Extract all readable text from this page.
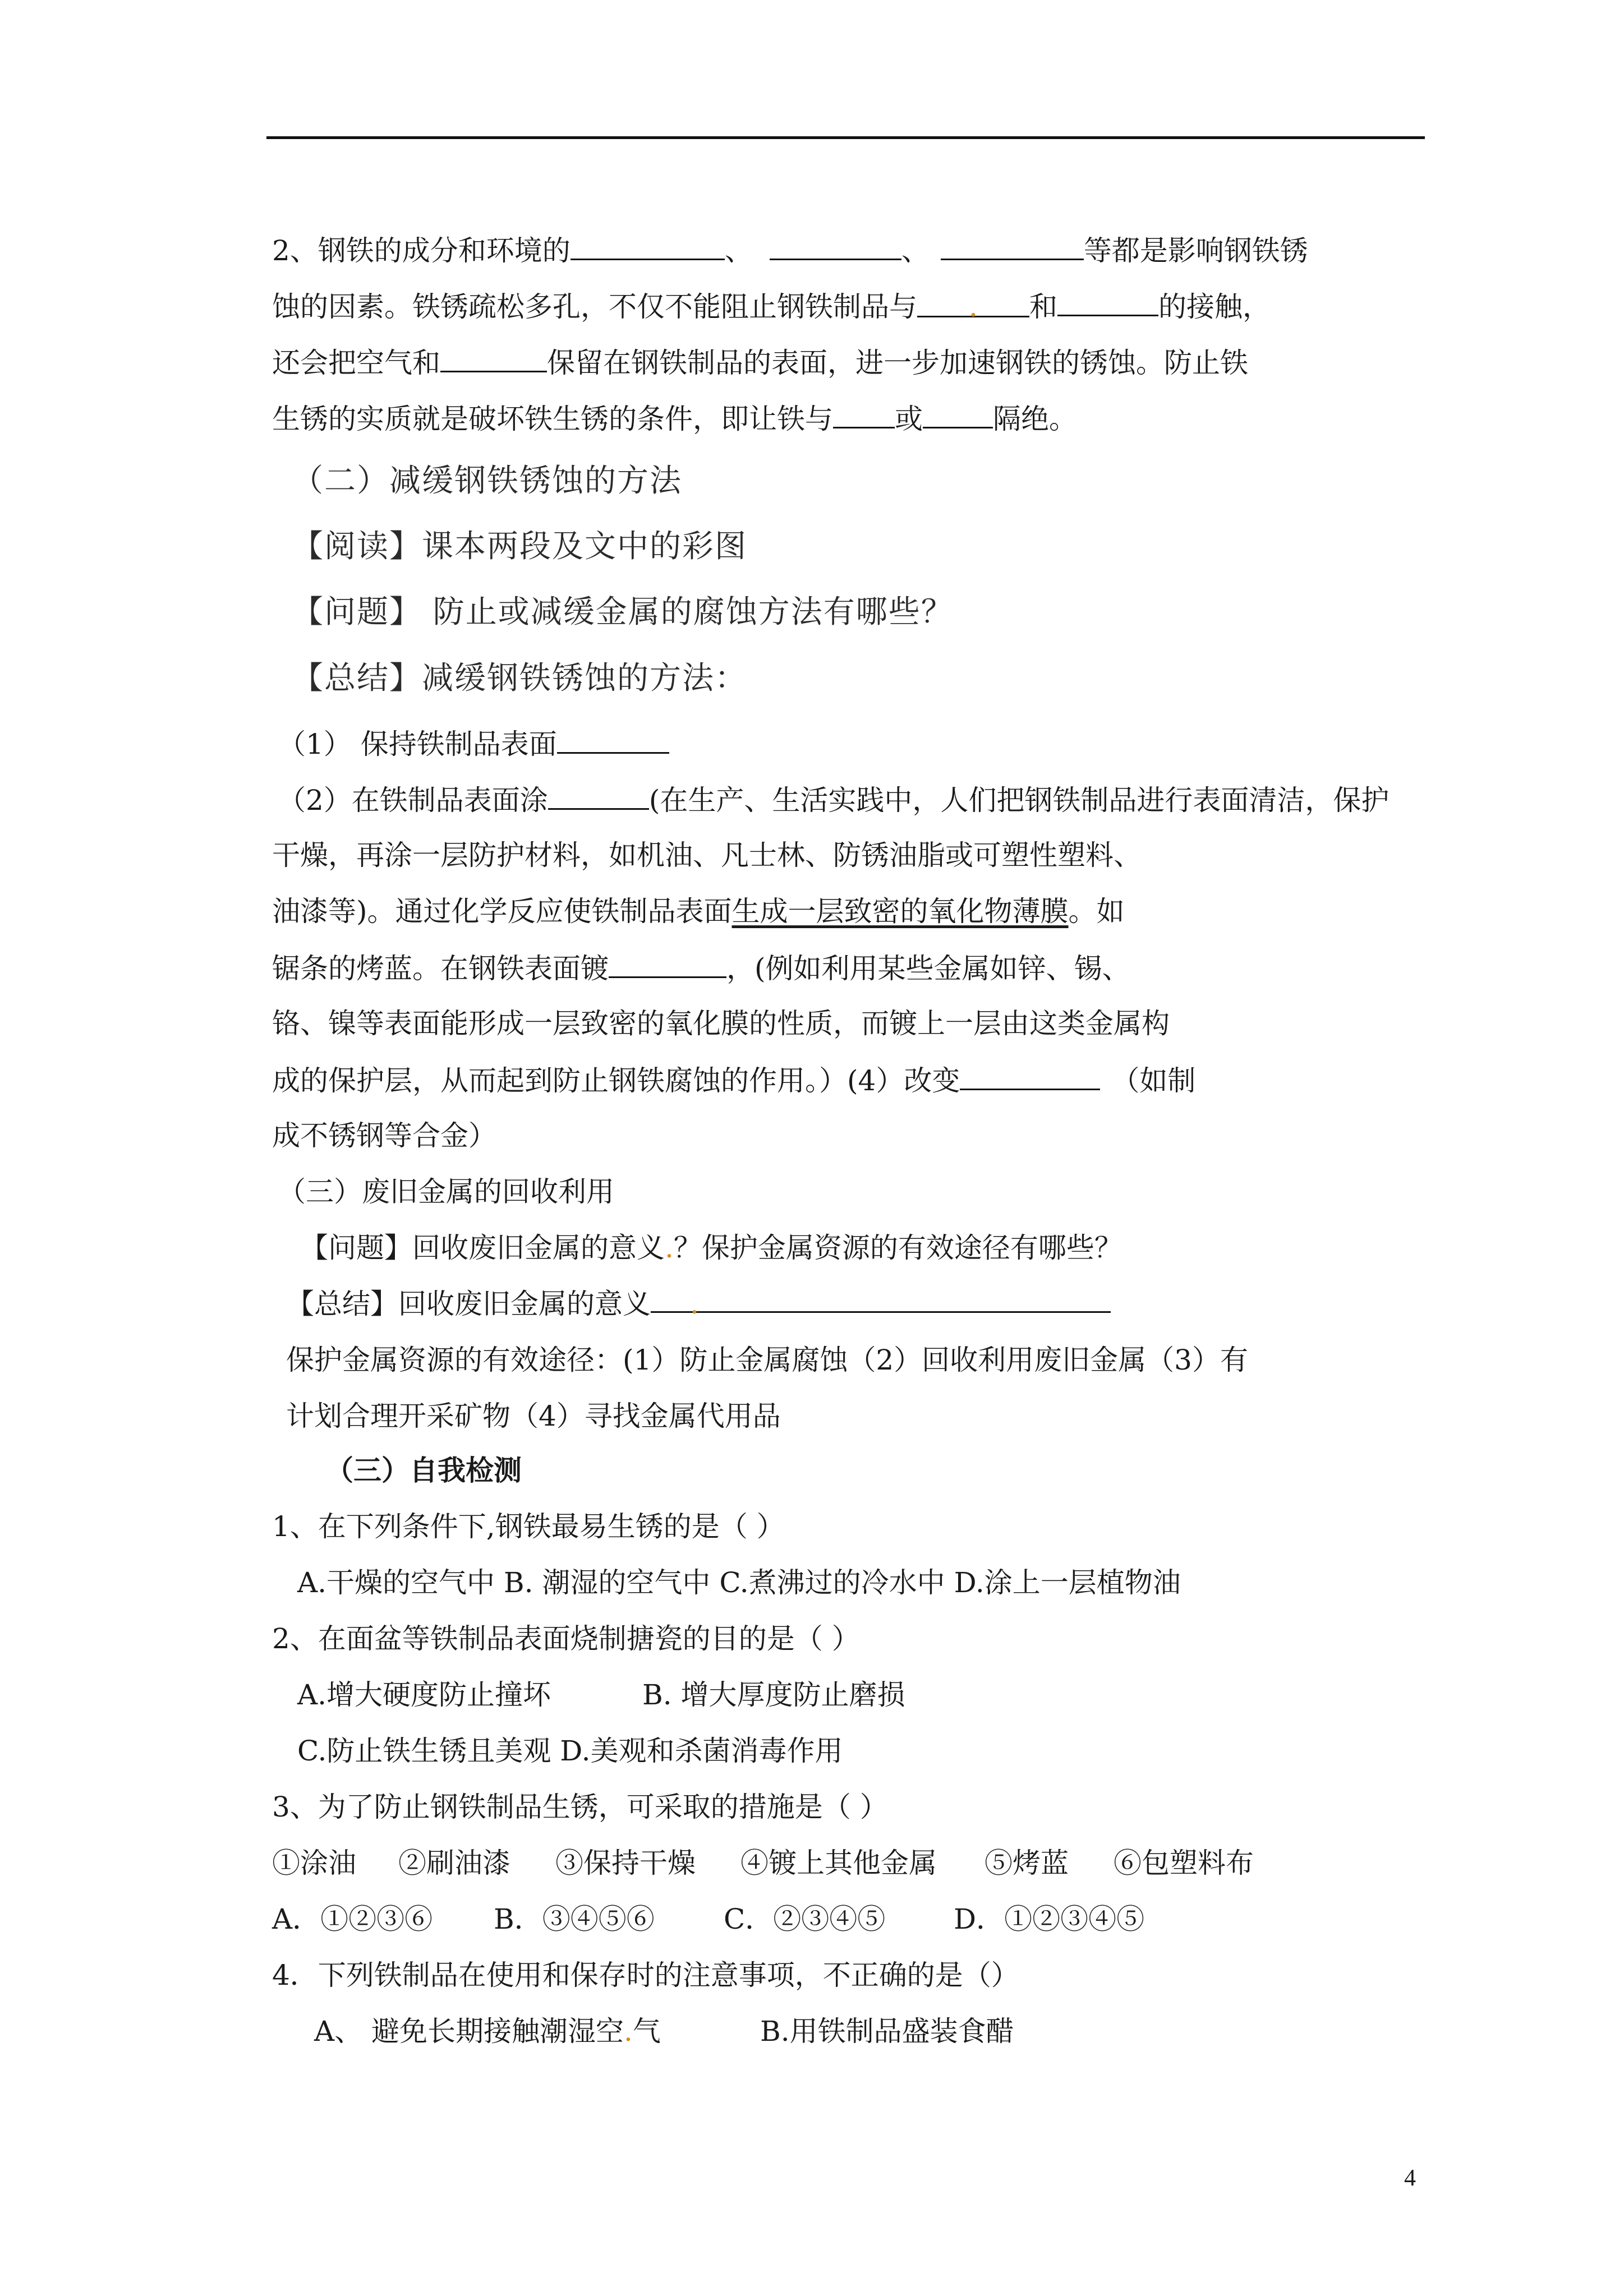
2、钢铁的成分和环境的	、	、	等都是影响钢铁锈
蚀的因素。铁锈疏松多孔，不仅不能阻止钢铁制品与 . 和	的接触，
还会把空气和	保留在钢铁制品的表面，进一步加速钢铁的锈蚀。防止铁
生锈的实质就是破坏铁生锈的条件，即让铁与 或	隔绝。
（二）减缓钢铁锈蚀的方法
【阅读】课本两段及文中的彩图
【问题】 防止或减缓金属的腐蚀方法有哪些？
【总结】减缓钢铁锈蚀的方法：
（1） 保持铁制品表面
（2）在铁制品表面涂	(在生产、生活实践中，人们把钢铁制品进行表面清洁，保护
干燥，再涂一层防护材料，如机油、凡士林、防锈油脂或可塑性塑料、
油漆等)。通过化学反应使铁制品表面生成一层致密的氧化物薄膜。如
锯条的烤蓝。在钢铁表面镀	，(例如利用某些金属如锌、锡、
铬、镍等表面能形成一层致密的氧化膜的性质，而镀上一层由这类金属构
成的保护层，从而起到防止钢铁腐蚀的作用。）(4）改变	（如制
成不锈钢等合金）
（三）废旧金属的回收利用
【问题】回收废旧金属的意义.？保护金属资源的有效途径有哪些？
【总结】回收废旧金属的意义 .
保护金属资源的有效途径：(1）防止金属腐蚀（2）回收利用废旧金属（3）有
计划合理开采矿物（4）寻找金属代用品
（三）自我检测
1、在下列条件下,钢铁最易生锈的是（ ）
A.干燥的空气中 B. 潮湿的空气中 C.煮沸过的冷水中 D.涂上一层植物油
2、在面盆等铁制品表面烧制搪瓷的目的是（ ）
A.增大硬度防止撞坏	B. 增大厚度防止磨损
C.防止铁生锈且美观 D.美观和杀菌消毒作用
3、为了防止钢铁制品生锈，可采取的措施是（ ）
①涂油 ②刷油漆 ③保持干燥 ④镀上其他金属 ⑤烤蓝 ⑥包塑料布
A．①②③⑥ B．③④⑤⑥ C．②③④⑤ D．①②③④⑤
4．下列铁制品在使用和保存时的注意事项，不正确的是（）
A、 避免长期接触潮湿空.气	B.用铁制品盛装食醋
4
